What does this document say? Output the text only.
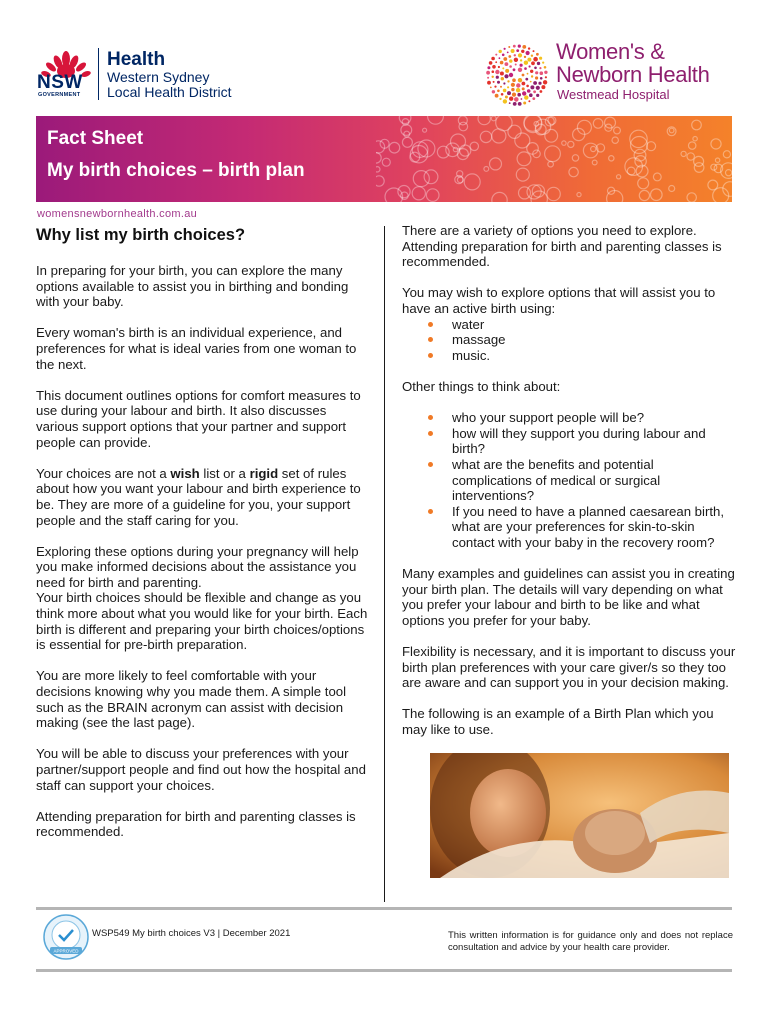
NSW
GOVERNMENT
Health
Western Sydney
Local Health District
Women's &
Newborn Health
Westmead Hospital
Fact Sheet
My birth choices – birth plan
womensnewbornhealth.com.au
Why list my birth choices?

In preparing for your birth, you can explore the many options available to assist you in birthing and bonding with your baby.

Every woman's birth is an individual experience, and preferences for what is ideal varies from one woman to the next.

This document outlines options for comfort measures to use during your labour and birth. It also discusses various support options that your partner and support people can provide.

Your choices are not a wish list or a rigid set of rules about how you want your labour and birth experience to be. They are more of a guideline for you, your support people and the staff caring for you.

Exploring these options during your pregnancy will help you make informed decisions about the assistance you need for birth and parenting.

Your birth choices should be flexible and change as you think more about what you would like for your birth. Each birth is different and preparing your birth choices/options is essential for pre-birth preparation.

You are more likely to feel comfortable with your decisions knowing why you made them. A simple tool such as the BRAIN acronym can assist with decision making (see the last page).

You will be able to discuss your preferences with your partner/support people and find out how the hospital and staff can support your choices.

Attending preparation for birth and parenting classes is recommended.

There are a variety of options you need to explore. Attending preparation for birth and parenting classes is recommended.

You may wish to explore options that will assist you to have an active birth using:

water
massage
music.

Other things to think about:

who your support people will be?
how will they support you during labour and birth?
what are the benefits and potential complications of medical or surgical interventions?
If you need to have a planned caesarean birth, what are your preferences for skin-to-skin contact with your baby in the recovery room?

Many examples and guidelines can assist you in creating your birth plan. The details will vary depending on what you prefer your labour and birth to be like and what options you prefer for your baby.

Flexibility is necessary, and it is important to discuss your birth plan preferences with your care giver/s so they too are aware and can support you in your decision making.

The following is an example of a Birth Plan which you may like to use.

APPROVED
WSP549 My birth choices V3 | December 2021	This written information is for guidance only and does not replace consultation and advice by your health care provider.
